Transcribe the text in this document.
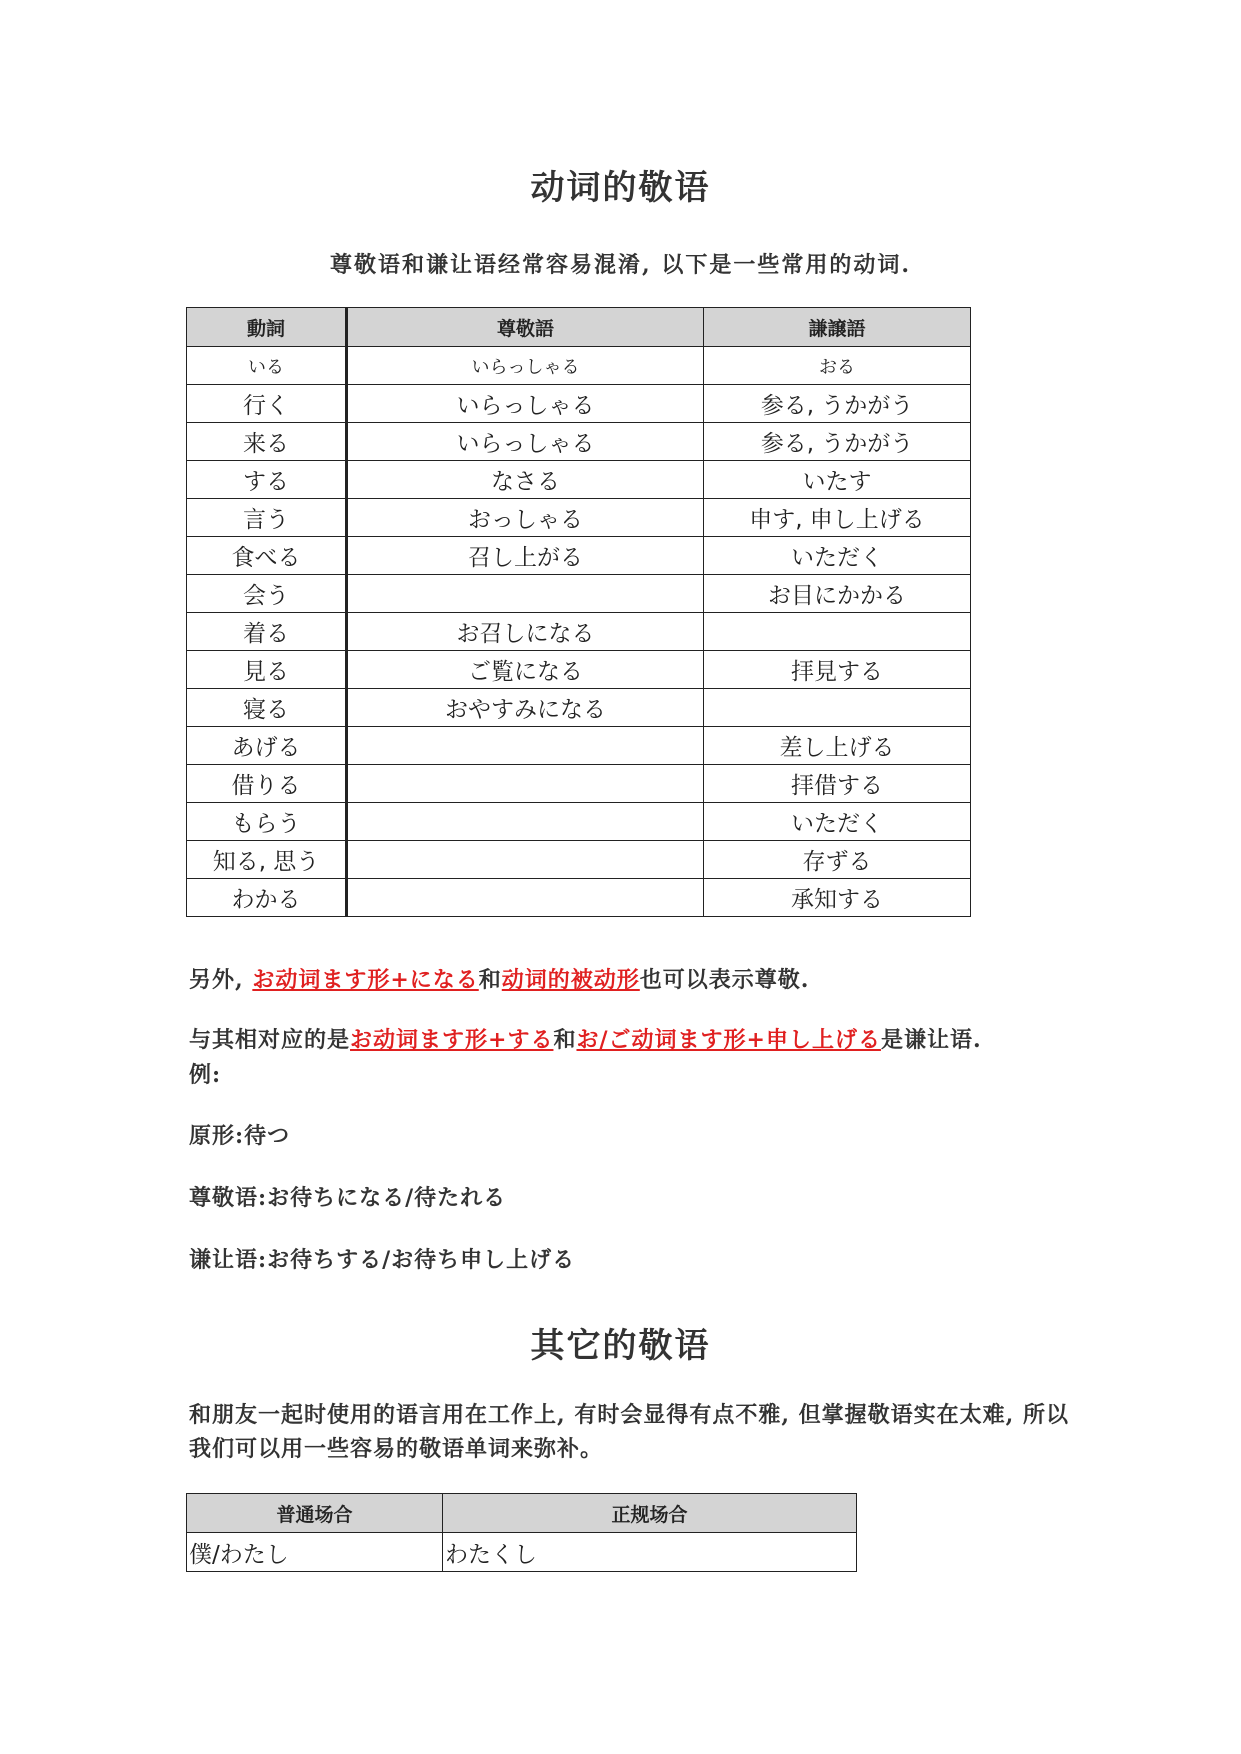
动词的敬语
尊敬语和谦让语经常容易混淆, 以下是一些常用的动词.
動詞	尊敬語	謙譲語
いる	いらっしゃる	おる
行く	いらっしゃる	参る, うかがう
来る	いらっしゃる	参る, うかがう
する	なさる	いたす
言う	おっしゃる	申す, 申し上げる
食べる	召し上がる	いただく
会う		お目にかかる
着る	お召しになる	
見る	ご覧になる	拝見する
寝る	おやすみになる	
あげる		差し上げる
借りる		拝借する
もらう		いただく
知る, 思う		存ずる
わかる		承知する
另外, お动词ます形+になる和动词的被动形也可以表示尊敬.
与其相对应的是お动词ます形+する和お/ご动词ます形+申し上げる是谦让语.
例:
原形:待つ
尊敬语:お待ちになる/待たれる
谦让语:お待ちする/お待ち申し上げる
其它的敬语
和朋友一起时使用的语言用在工作上, 有时会显得有点不雅, 但掌握敬语实在太难, 所以我们可以用一些容易的敬语单词来弥补。
普通场合	正规场合
僕/わたし	わたくし
